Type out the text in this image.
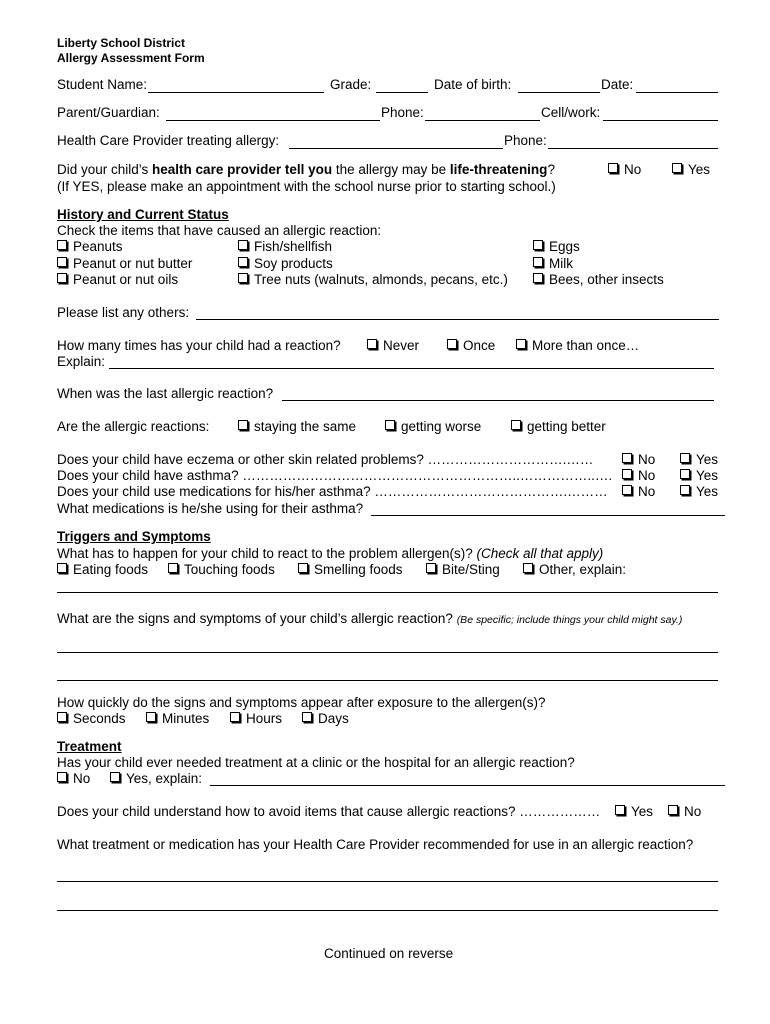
Liberty School District
Allergy Assessment Form
Student Name:	Grade:	Date of birth:	Date:
Parent/Guardian:	Phone:	Cell/work:
Health Care Provider treating allergy:	Phone:
Did your child’s health care provider tell you the allergy may be life-threatening?	No	Yes
(If YES, please make an appointment with the school nurse prior to starting school.)
History and Current Status
Check the items that have caused an allergic reaction:
Peanuts
Peanut or nut butter
Peanut or nut oils
Fish/shellfish
Soy products
Tree nuts (walnuts, almonds, pecans, etc.)
Eggs
Milk
Bees, other insects
Please list any others:
How many times has your child had a reaction?	Never	Once	More than once…
Explain:
When was the last allergic reaction?
Are the allergic reactions:	staying the same	getting worse	getting better
Does your child have eczema or other skin related problems? ………………………….……	No	Yes
Does your child have asthma? ……………………………………………………..……………..….	No	Yes
Does your child use medications for his/her asthma? …………………………………….………	No	Yes
What medications is he/she using for their asthma?
Triggers and Symptoms
What has to happen for your child to react to the problem allergen(s)? (Check all that apply)
Eating foods	Touching foods	Smelling foods	Bite/Sting	Other, explain:
What are the signs and symptoms of your child’s allergic reaction? (Be specific; include things your child might say.)
How quickly do the signs and symptoms appear after exposure to the allergen(s)?
Seconds	Minutes	Hours	Days
Treatment
Has your child ever needed treatment at a clinic or the hospital for an allergic reaction?
No	Yes, explain:
Does your child understand how to avoid items that cause allergic reactions? ………………	Yes	No
What treatment or medication has your Health Care Provider recommended for use in an allergic reaction?
Continued on reverse
